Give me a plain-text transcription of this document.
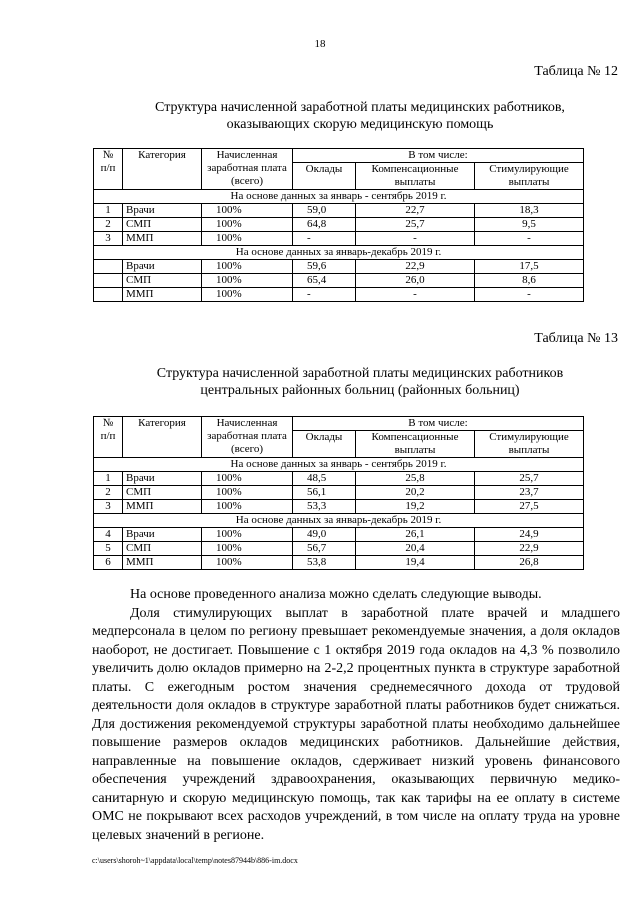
18
Таблица № 12
Структура начисленной заработной платы медицинских работников,
оказывающих скорую медицинскую помощь
№ п/п	Категория	Начисленная заработная плата (всего)	В том числе:		
			Оклады	Компенсационные выплаты	Стимулирующие выплаты
На основе данных за январь - сентябрь 2019 г.					
1	Врачи	100%	59,0	22,7	18,3
2	СМП	100%	64,8	25,7	9,5
3	ММП	100%	-	-	-
На основе данных за январь-декабрь 2019 г.					
	Врачи	100%	59,6	22,9	17,5
	СМП	100%	65,4	26,0	8,6
	ММП	100%	-	-	-
Таблица № 13
Структура начисленной заработной платы медицинских работников
центральных районных больниц (районных больниц)
№ п/п	Категория	Начисленная заработная плата (всего)	В том числе:		
			Оклады	Компенсационные выплаты	Стимулирующие выплаты
На основе данных за январь - сентябрь 2019 г.					
1	Врачи	100%	48,5	25,8	25,7
2	СМП	100%	56,1	20,2	23,7
3	ММП	100%	53,3	19,2	27,5
На основе данных за январь-декабрь 2019 г.					
4	Врачи	100%	49,0	26,1	24,9
5	СМП	100%	56,7	20,4	22,9
6	ММП	100%	53,8	19,4	26,8

На основе проведенного анализа можно сделать следующие выводы.

Доля стимулирующих выплат в заработной плате врачей и младшего медперсонала в целом по региону превышает рекомендуемые значения, а доля окладов наоборот, не достигает. Повышение с 1 октября 2019 года окладов на 4,3 % позволило увеличить долю окладов примерно на 2-2,2 процентных пункта в структуре заработной платы. С ежегодным ростом значения среднемесячного дохода от трудовой деятельности доля окладов в структуре заработной платы работников будет снижаться. Для достижения рекомендуемой структуры заработной платы необходимо дальнейшее повышение размеров окладов медицинских работников. Дальнейшие действия, направленные на повышение окладов, сдерживает низкий уровень финансового обеспечения учреждений здравоохранения, оказывающих первичную медико-санитарную и скорую медицинскую помощь, так как тарифы на ее оплату в системе ОМС не покрывают всех расходов учреждений, в том числе на оплату труда на уровне целевых значений в регионе.

c:\users\shoroh~1\appdata\local\temp\notes87944b\886-im.docx
